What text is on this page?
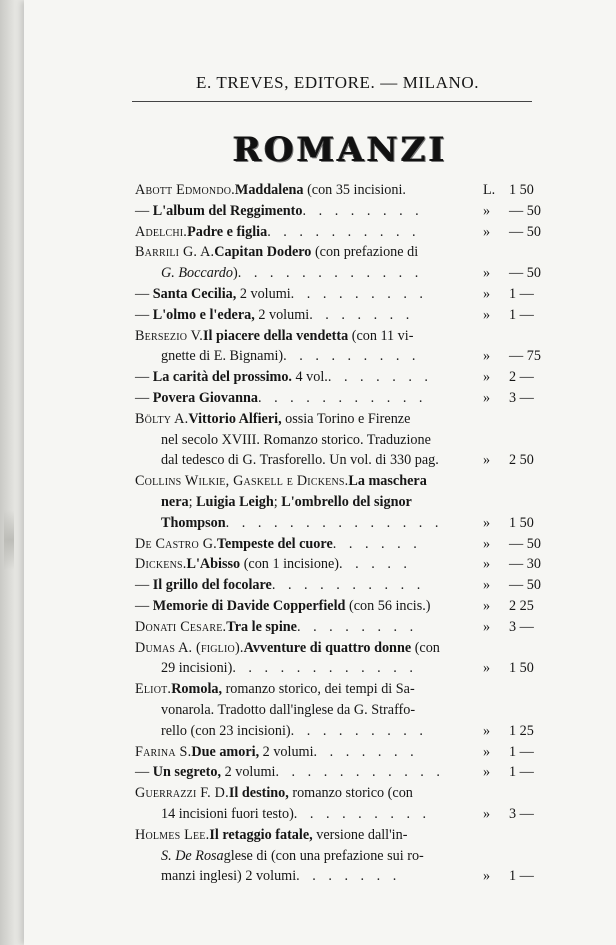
E. TREVES, EDITORE. — MILANO.
ROMANZI
Abott Edmondo.Maddalena (con 35 incisioni.	L. 1 50
— L'album del Reggimento. . . . . . . .	» — 50
Adelchi.Padre e figlia. . . . . . . . . .	» — 50
Barrili G. A.Capitan Dodero (con prefazione di
G. Boccardo). . . . . . . . . . . .	» — 50
— Santa Cecilia, 2 volumi. . . . . . . . .	» 1 —
— L'olmo e l'edera, 2 volumi. . . . . . .	» 1 —
Bersezio V.Il piacere della vendetta (con 11 vi-
gnette di E. Bignami). . . . . . . . .	» — 75
— La carità del prossimo. 4 vol.. . . . . . .	» 2 —
— Povera Giovanna. . . . . . . . . . .	» 3 —
Bölty A.Vittorio Alfieri, ossia Torino e Firenze
nel secolo XVIII. Romanzo storico. Traduzione
dal tedesco di G. Trasforello. Un vol. di 330 pag.	» 2 50
Collins Wilkie, Gaskell e Dickens.La maschera
nera; Luigia Leigh; L'ombrello del signor
Thompson. . . . . . . . . . . . . .	» 1 50
De Castro G.Tempeste del cuore. . . . . .	» — 50
Dickens.L'Abisso (con 1 incisione). . . . .	» — 30
— Il grillo del focolare. . . . . . . . . .	» — 50
— Memorie di Davide Copperfield (con 56 incis.)	» 2 25
Donati Cesare.Tra le spine. . . . . . . .	» 3 —
Dumas A. (figlio).Avventure di quattro donne (con
29 incisioni). . . . . . . . . . . .	» 1 50
Eliot.Romola, romanzo storico, dei tempi di Sa-
vonarola. Tradotto dall'inglese da G. Straffo-
rello (con 23 incisioni). . . . . . . . .	» 1 25
Farina S.Due amori, 2 volumi. . . . . . .	» 1 —
— Un segreto, 2 volumi. . . . . . . . . . .	» 1 —
Guerrazzi F. D.Il destino, romanzo storico (con
14 incisioni fuori testo). . . . . . . . .	» 3 —
Holmes Lee.Il retaggio fatale, versione dall'in-
S. De Rosaglese di (con una prefazione sui ro-
manzi inglesi) 2 volumi. . . . . . .	» 1 —
